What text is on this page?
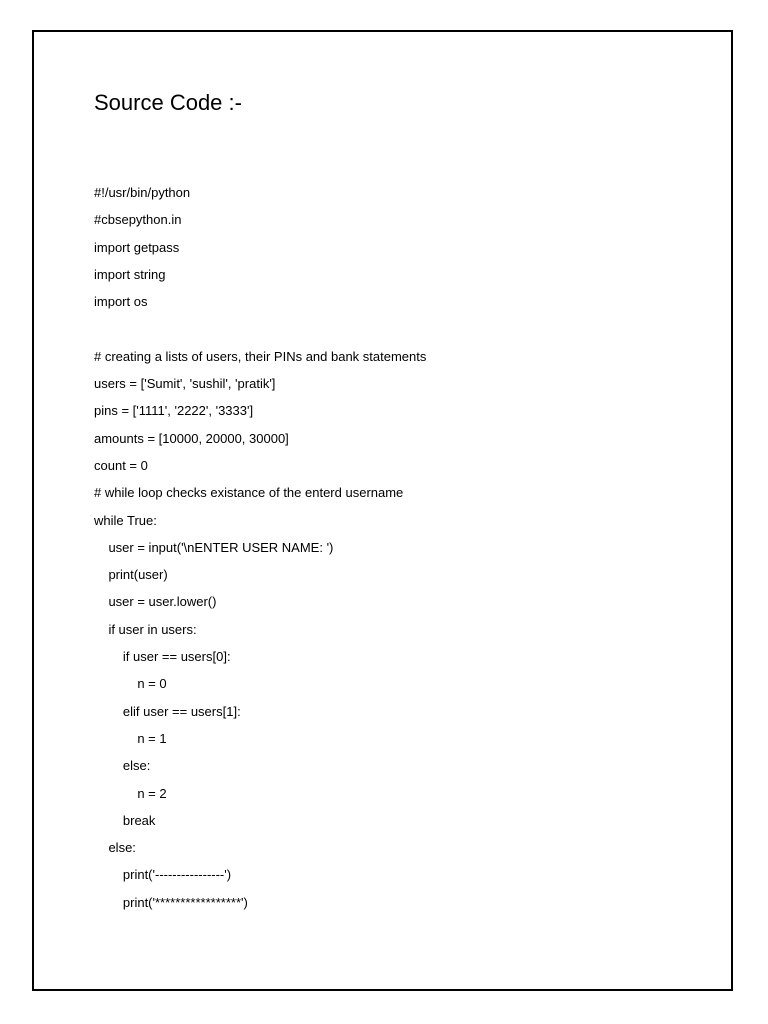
Source Code :-
#!/usr/bin/python
#cbsepython.in
import getpass
import string
import os
# creating a lists of users, their PINs and bank statements
users = ['Sumit', 'sushil', 'pratik']
pins = ['1111', '2222', '3333']
amounts = [10000, 20000, 30000]
count = 0
# while loop checks existance of the enterd username
while True:
user = input('\nENTER USER NAME: ')
print(user)
user = user.lower()
if user in users:
if user == users[0]:
n = 0
elif user == users[1]:
n = 1
else:
n = 2
break
else:
print('----------------')
print('*****************')
